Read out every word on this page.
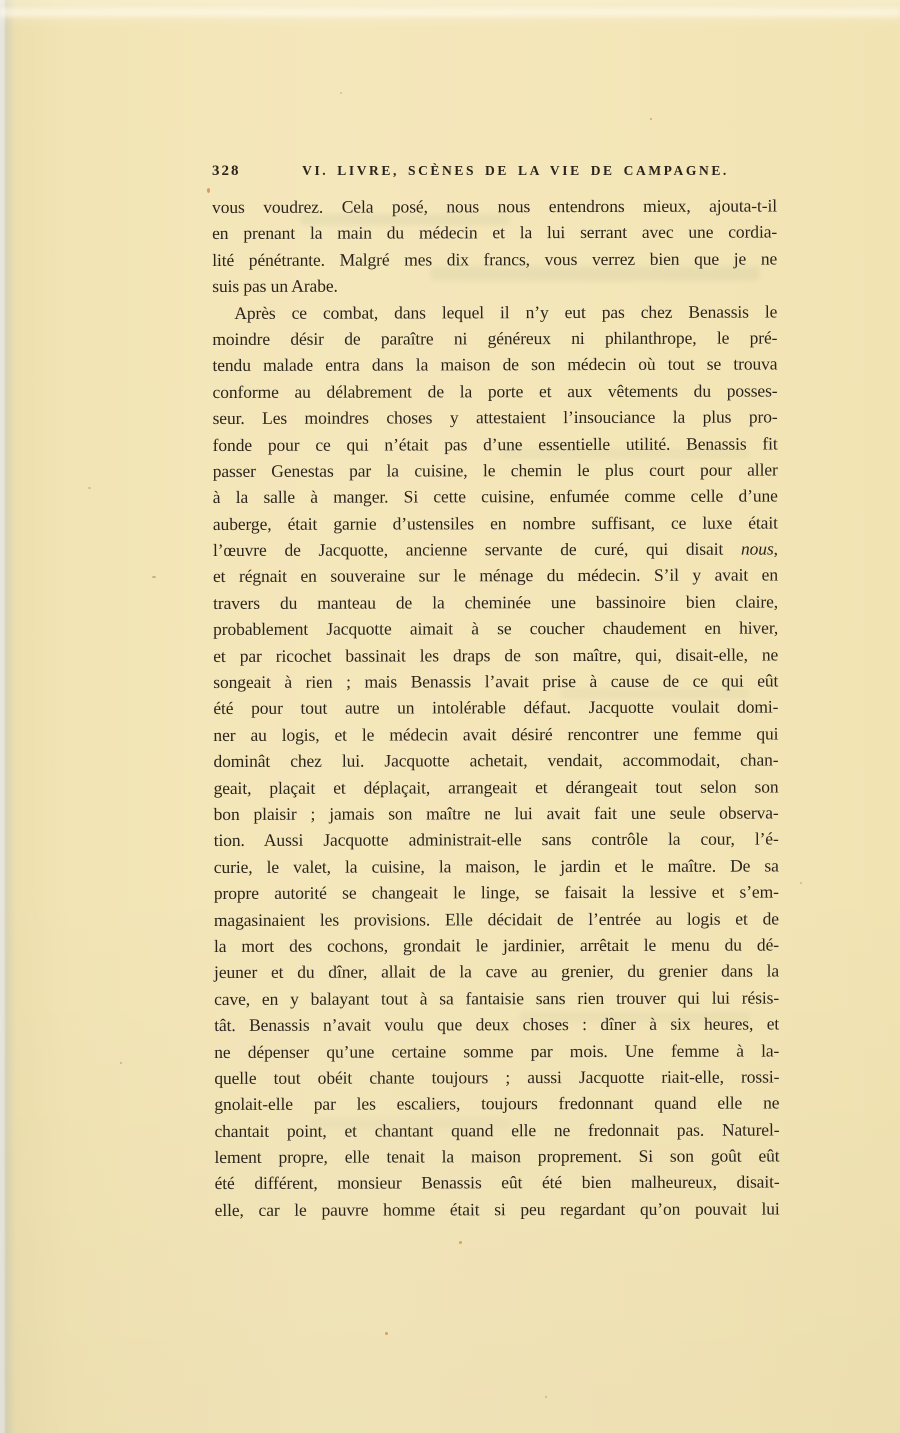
328	VI. LIVRE, SCÈNES DE LA VIE DE CAMPAGNE.
vous voudrez. Cela posé, nous nous entendrons mieux, ajouta-t-il
en prenant la main du médecin et la lui serrant avec une cordia-
lité pénétrante. Malgré mes dix francs, vous verrez bien que je ne
suis pas un Arabe.
Après ce combat, dans lequel il n’y eut pas chez Benassis le
moindre désir de paraître ni généreux ni philanthrope, le pré-
tendu malade entra dans la maison de son médecin où tout se trouva
conforme au délabrement de la porte et aux vêtements du posses-
seur. Les moindres choses y attestaient l’insouciance la plus pro-
fonde pour ce qui n’était pas d’une essentielle utilité. Benassis fit
passer Genestas par la cuisine, le chemin le plus court pour aller
à la salle à manger. Si cette cuisine, enfumée comme celle d’une
auberge, était garnie d’ustensiles en nombre suffisant, ce luxe était
l’œuvre de Jacquotte, ancienne servante de curé, qui disait nous,
et régnait en souveraine sur le ménage du médecin. S’il y avait en
travers du manteau de la cheminée une bassinoire bien claire,
probablement Jacquotte aimait à se coucher chaudement en hiver,
et par ricochet bassinait les draps de son maître, qui, disait-elle, ne
songeait à rien ; mais Benassis l’avait prise à cause de ce qui eût
été pour tout autre un intolérable défaut. Jacquotte voulait domi-
ner au logis, et le médecin avait désiré rencontrer une femme qui
dominât chez lui. Jacquotte achetait, vendait, accommodait, chan-
geait, plaçait et déplaçait, arrangeait et dérangeait tout selon son
bon plaisir ; jamais son maître ne lui avait fait une seule observa-
tion. Aussi Jacquotte administrait-elle sans contrôle la cour, l’é-
curie, le valet, la cuisine, la maison, le jardin et le maître. De sa
propre autorité se changeait le linge, se faisait la lessive et s’em-
magasinaient les provisions. Elle décidait de l’entrée au logis et de
la mort des cochons, grondait le jardinier, arrêtait le menu du dé-
jeuner et du dîner, allait de la cave au grenier, du grenier dans la
cave, en y balayant tout à sa fantaisie sans rien trouver qui lui résis-
tât. Benassis n’avait voulu que deux choses : dîner à six heures, et
ne dépenser qu’une certaine somme par mois. Une femme à la-
quelle tout obéit chante toujours ; aussi Jacquotte riait-elle, rossi-
gnolait-elle par les escaliers, toujours fredonnant quand elle ne
chantait point, et chantant quand elle ne fredonnait pas. Naturel-
lement propre, elle tenait la maison proprement. Si son goût eût
été différent, monsieur Benassis eût été bien malheureux, disait-
elle, car le pauvre homme était si peu regardant qu’on pouvait lui
